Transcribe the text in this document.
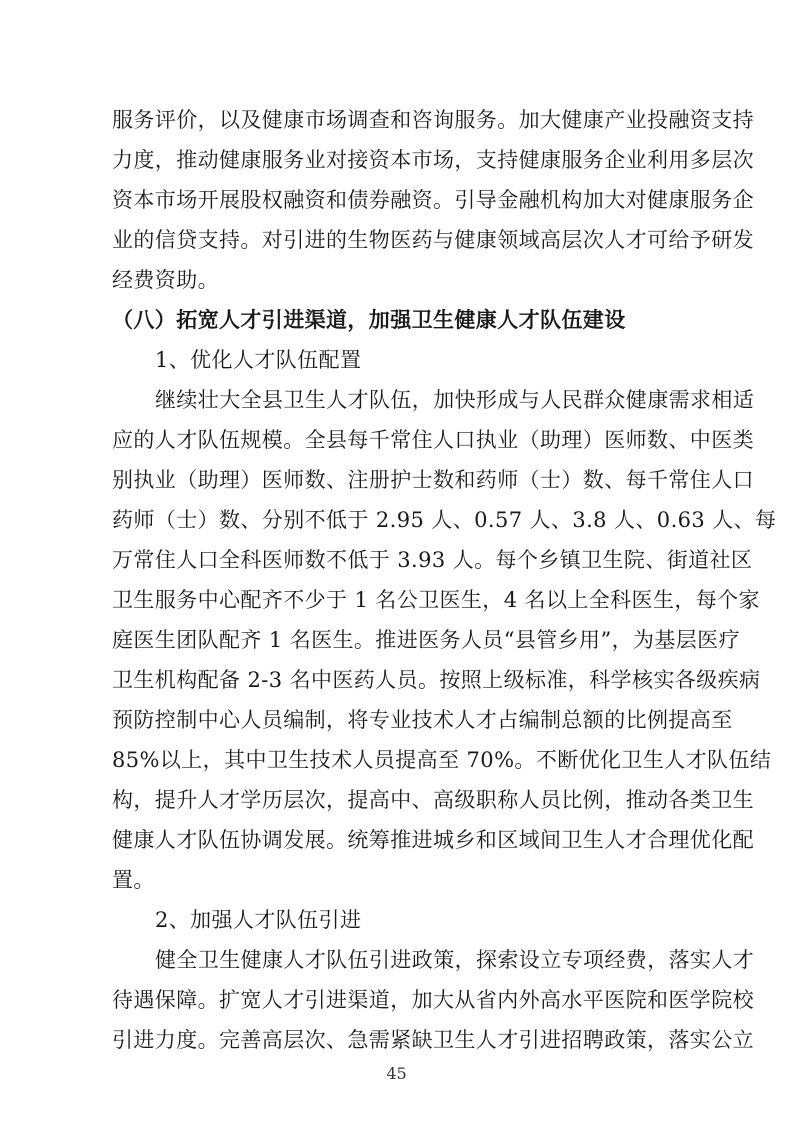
服务评价，以及健康市场调查和咨询服务。加大健康产业投融资支持
力度，推动健康服务业对接资本市场，支持健康服务企业利用多层次
资本市场开展股权融资和债券融资。引导金融机构加大对健康服务企
业的信贷支持。对引进的生物医药与健康领域高层次人才可给予研发
经费资助。
（八）拓宽人才引进渠道，加强卫生健康人才队伍建设
1、优化人才队伍配置
继续壮大全县卫生人才队伍，加快形成与人民群众健康需求相适
应的人才队伍规模。全县每千常住人口执业（助理）医师数、中医类
别执业（助理）医师数、注册护士数和药师（士）数、每千常住人口
药师（士）数、分别不低于 2.95 人、0.57 人、3.8 人、0.63 人、每
万常住人口全科医师数不低于 3.93 人。每个乡镇卫生院、街道社区
卫生服务中心配齐不少于 1 名公卫医生，4 名以上全科医生，每个家
庭医生团队配齐 1 名医生。推进医务人员“县管乡用”，为基层医疗
卫生机构配备 2-3 名中医药人员。按照上级标准，科学核实各级疾病
预防控制中心人员编制，将专业技术人才占编制总额的比例提高至
85%以上，其中卫生技术人员提高至 70%。不断优化卫生人才队伍结
构，提升人才学历层次，提高中、高级职称人员比例，推动各类卫生
健康人才队伍协调发展。统筹推进城乡和区域间卫生人才合理优化配
置。
2、加强人才队伍引进
健全卫生健康人才队伍引进政策，探索设立专项经费，落实人才
待遇保障。扩宽人才引进渠道，加大从省内外高水平医院和医学院校
引进力度。完善高层次、急需紧缺卫生人才引进招聘政策，落实公立
45
